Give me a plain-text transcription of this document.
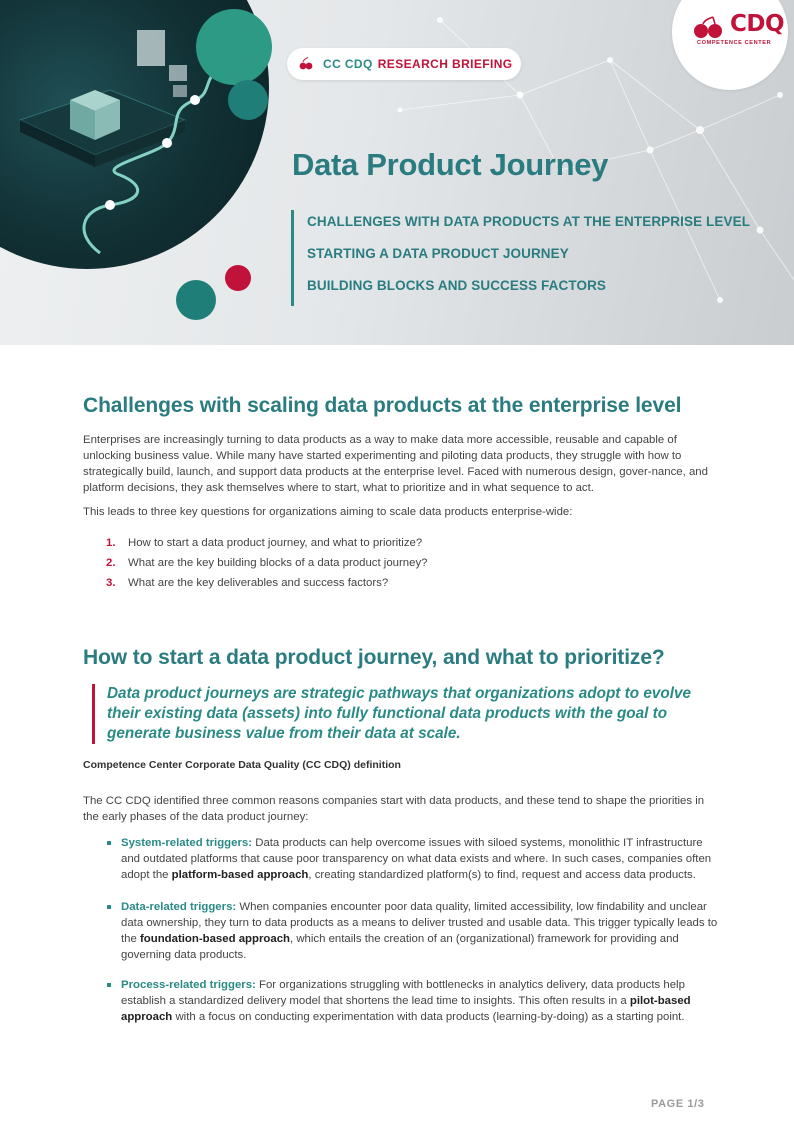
CDQ
COMPETENCE CENTER
CC CDQ RESEARCH BRIEFING
Data Product Journey
CHALLENGES WITH DATA PRODUCTS AT THE ENTERPRISE LEVEL
STARTING A DATA PRODUCT JOURNEY
BUILDING BLOCKS AND SUCCESS FACTORS
Challenges with scaling data products at the enterprise level

Enterprises are increasingly turning to data products as a way to make data more accessible, reusable and capable of unlocking business value. While many have started experimenting and piloting data products, they struggle with how to strategically build, launch, and support data products at the enterprise level. Faced with numerous design, gover-nance, and platform decisions, they ask themselves where to start, what to prioritize and in what sequence to act.

This leads to three key questions for organizations aiming to scale data products enterprise-wide:

1. How to start a data product journey, and what to prioritize?
2. What are the key building blocks of a data product journey?
3. What are the key deliverables and success factors?
How to start a data product journey, and what to prioritize?
Data product journeys are strategic pathways that organizations adopt to evolve their existing data (assets) into fully functional data products with the goal to generate business value from their data at scale.
Competence Center Corporate Data Quality (CC CDQ) definition

The CC CDQ identified three common reasons companies start with data products, and these tend to shape the priorities in the early phases of the data product journey:

System-related triggers: Data products can help overcome issues with siloed systems, monolithic IT infrastructure and outdated platforms that cause poor transparency on what data exists and where. In such cases, companies often adopt the platform-based approach, creating standardized platform(s) to find, request and access data products.
Data-related triggers: When companies encounter poor data quality, limited accessibility, low findability and unclear data ownership, they turn to data products as a means to deliver trusted and usable data. This trigger typically leads to the foundation-based approach, which entails the creation of an (organizational) framework for providing and governing data products.
Process-related triggers: For organizations struggling with bottlenecks in analytics delivery, data products help establish a standardized delivery model that shortens the lead time to insights. This often results in a pilot-based approach with a focus on conducting experimentation with data products (learning-by-doing) as a starting point.
PAGE 1/3
